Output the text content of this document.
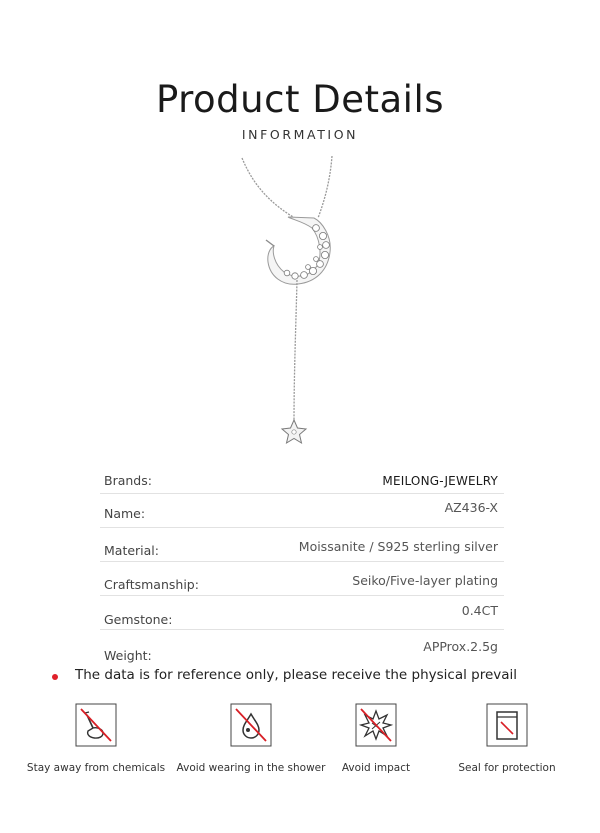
Product Details
INFORMATION
Brands:	MEILONG-JEWELRY
Name:	AZ436-X
Material:	Moissanite / S925 sterling silver
Craftsmanship:	Seiko/Five-layer plating
Gemstone:
0.4CT
Weight:
APProx.2.5g
The data is for reference only, please receive the physical prevail
Stay away from chemicals	Avoid wearing in the shower	Avoid impact	Seal for protection
